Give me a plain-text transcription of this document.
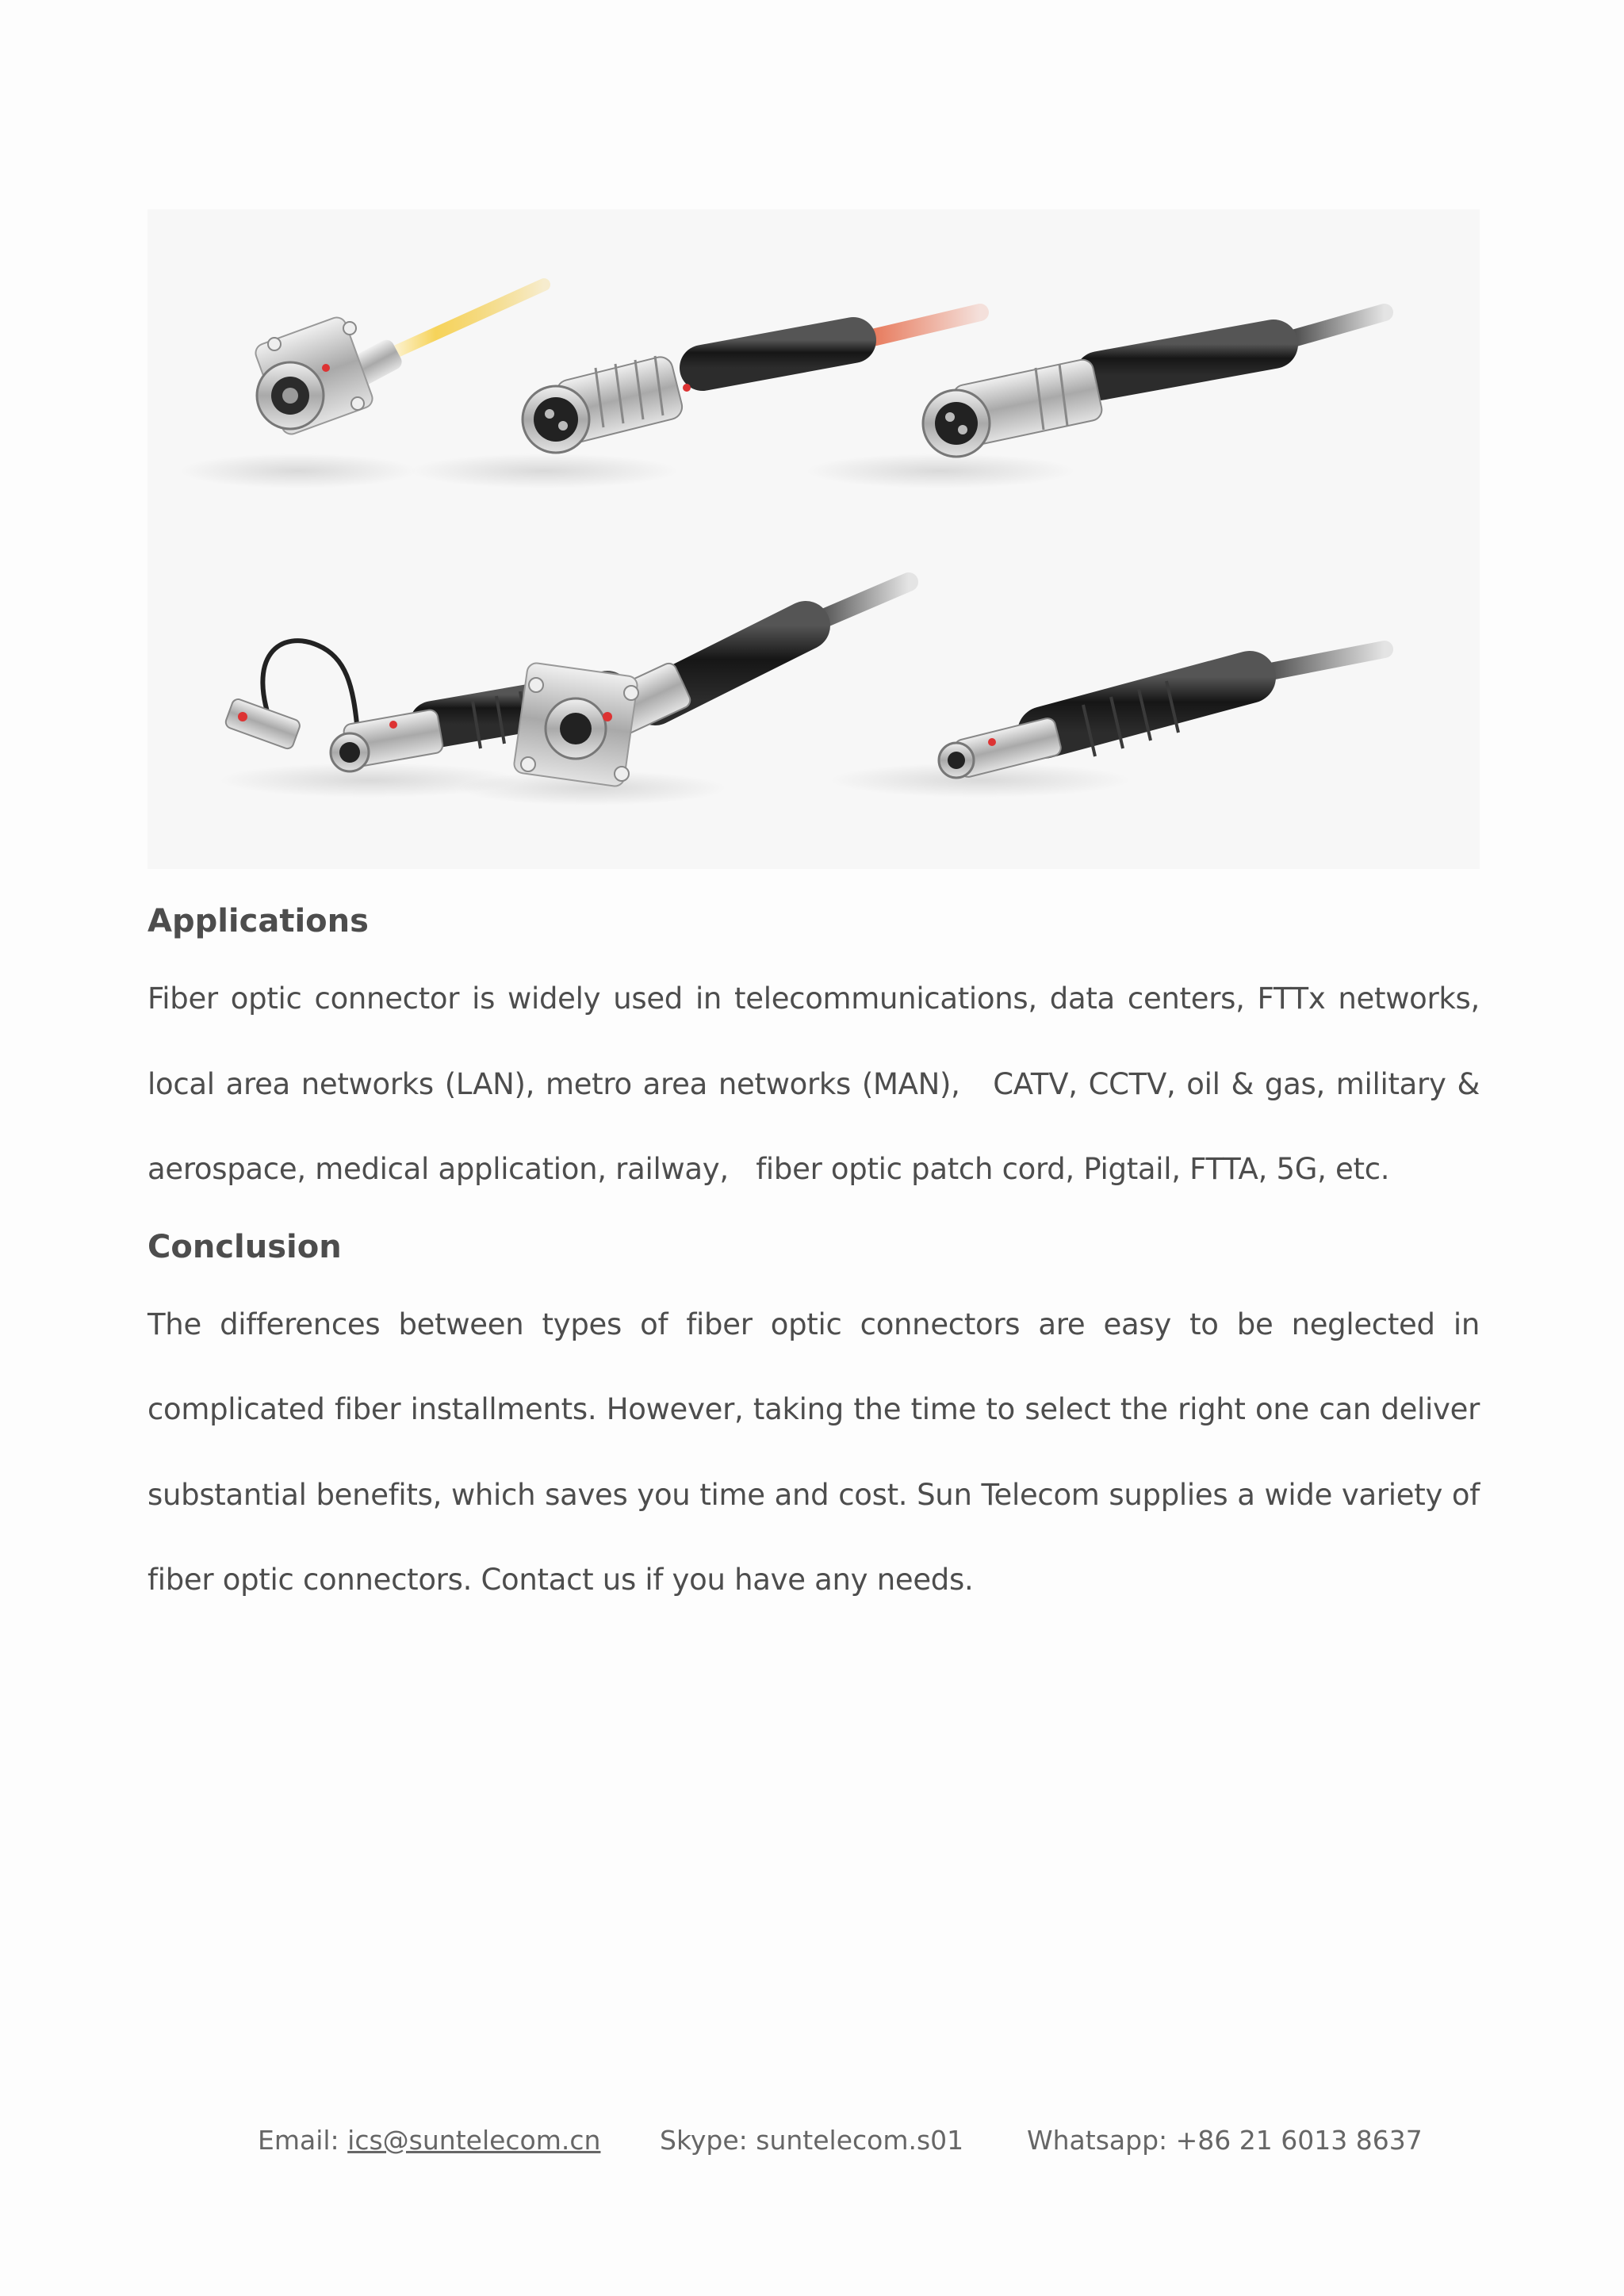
Applications

Fiber optic connector is widely used in telecommunications, data centers, FTTx networks, local area networks (LAN), metro area networks (MAN),   CATV, CCTV, oil & gas, military & aerospace, medical application, railway,   fiber optic patch cord, Pigtail, FTTA, 5G, etc.

Conclusion

The differences between types of fiber optic connectors are easy to be neglected in complicated fiber installments. However, taking the time to select the right one can deliver substantial benefits, which saves you time and cost. Sun Telecom supplies a wide variety of fiber optic connectors. Contact us if you have any needs.

Email: ics@suntelecom.cn Skype: suntelecom.s01 Whatsapp: +86 21 6013 8637
